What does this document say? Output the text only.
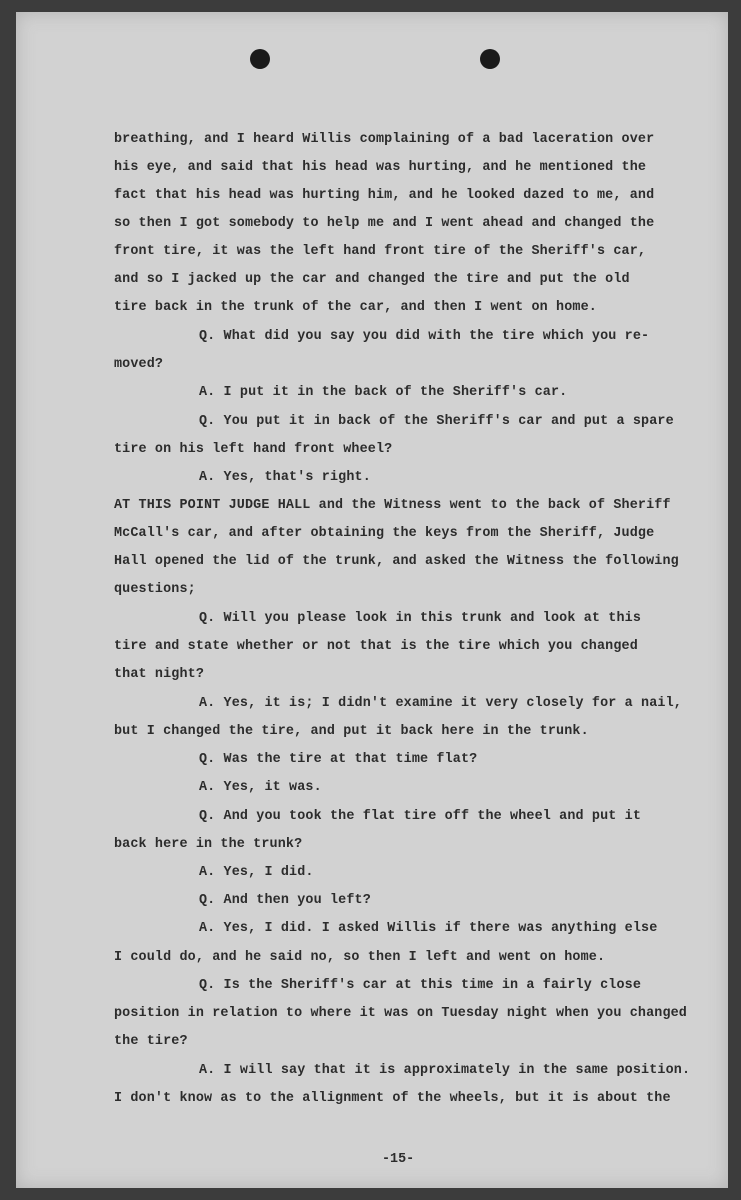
breathing, and I heard Willis complaining of a bad laceration over
his eye, and said that his head was hurting, and he mentioned the
fact that his head was hurting him, and he looked dazed to me, and
so then I got somebody to help me and I went ahead and changed the
front tire, it was the left hand front tire of the Sheriff's car,
and so I jacked up the car and changed the tire and put the old
tire back in the trunk of the car, and then I went on home.
Q. What did you say you did with the tire which you re-
moved?
A. I put it in the back of the Sheriff's car.
Q. You put it in back of the Sheriff's car and put a spare
tire on his left hand front wheel?
A. Yes, that's right.
AT THIS POINT JUDGE HALL and the Witness went to the back of Sheriff
McCall's car, and after obtaining the keys from the Sheriff, Judge
Hall opened the lid of the trunk, and asked the Witness the following
questions;
Q. Will you please look in this trunk and look at this
tire and state whether or not that is the tire which you changed
that night?
A. Yes, it is; I didn't examine it very closely for a nail,
but I changed the tire, and put it back here in the trunk.
Q. Was the tire at that time flat?
A. Yes, it was.
Q. And you took the flat tire off the wheel and put it
back here in the trunk?
A. Yes, I did.
Q. And then you left?
A. Yes, I did. I asked Willis if there was anything else
I could do, and he said no, so then I left and went on home.
Q. Is the Sheriff's car at this time in a fairly close
position in relation to where it was on Tuesday night when you changed
the tire?
A. I will say that it is approximately in the same position.
I don't know as to the allignment of the wheels, but it is about the
-15-
